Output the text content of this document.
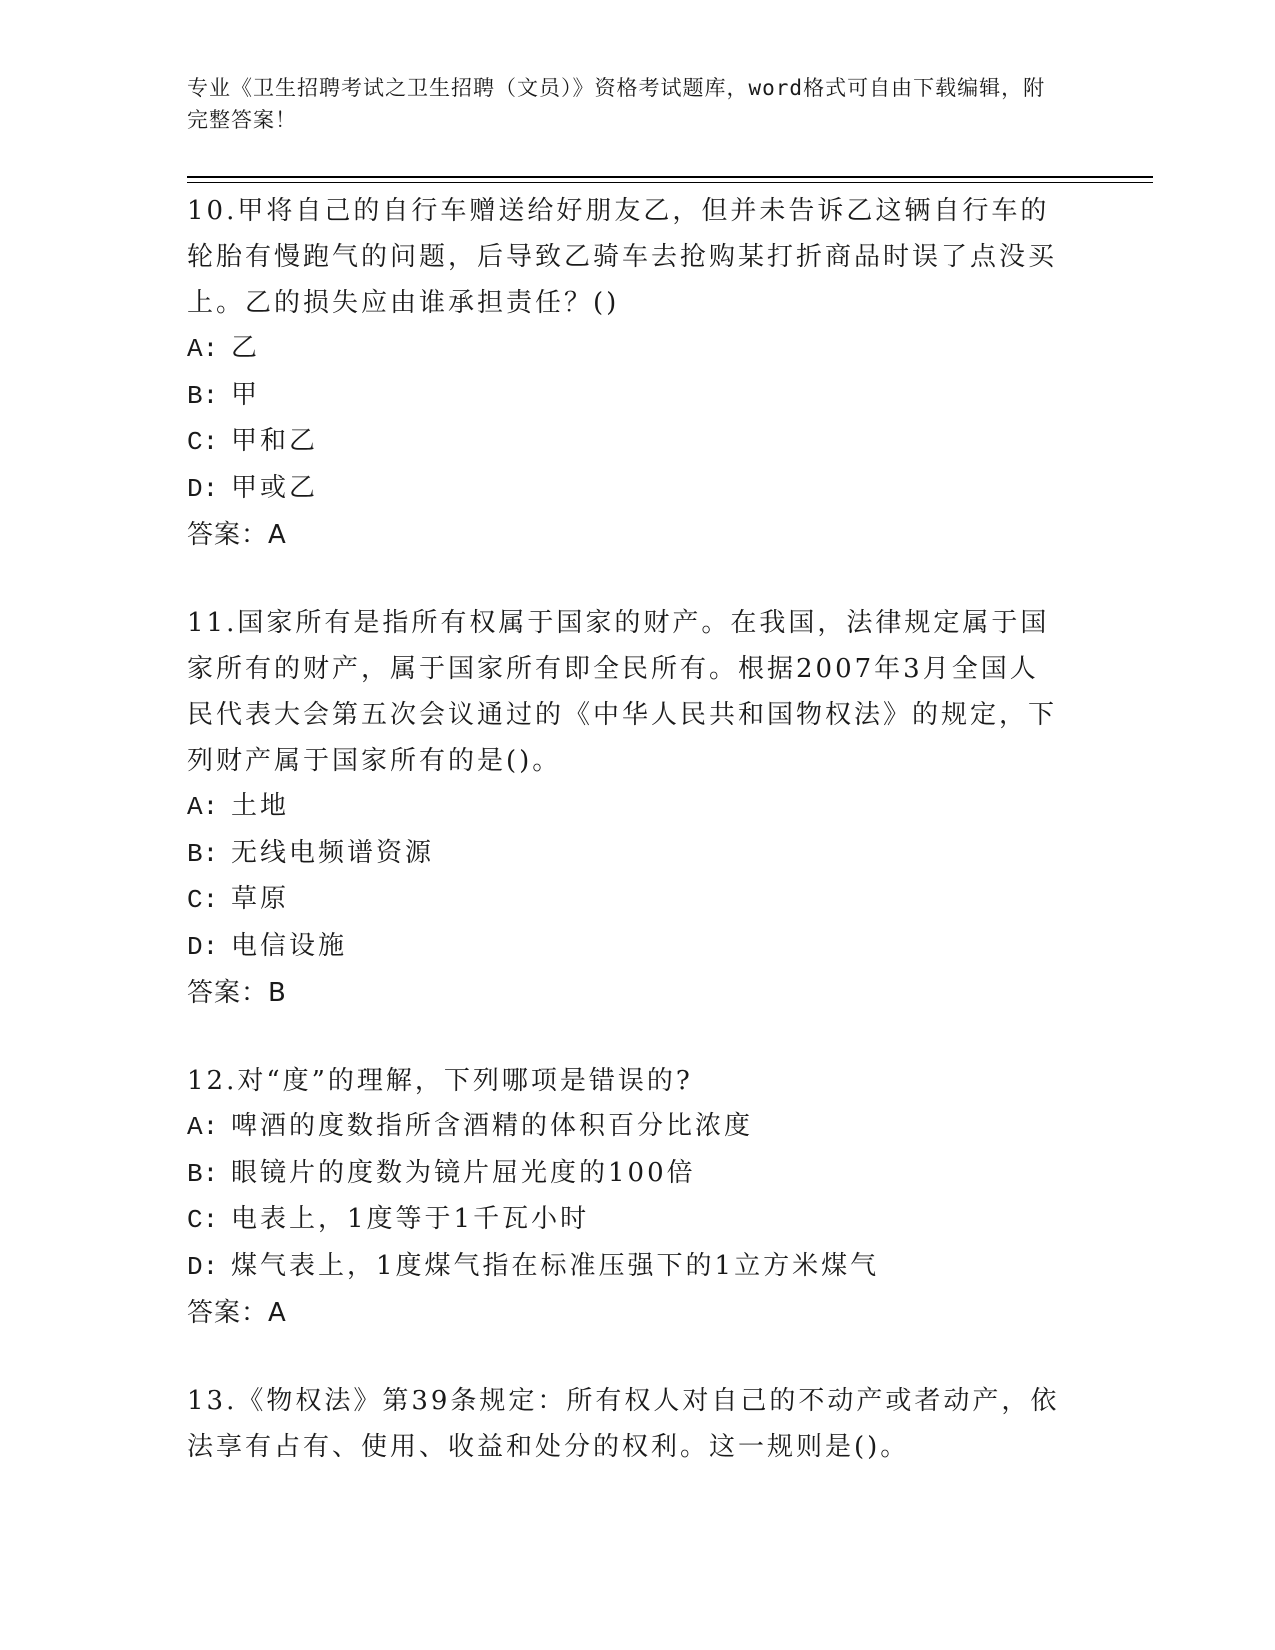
专业《卫生招聘考试之卫生招聘（文员）》资格考试题库，word格式可自由下载编辑，附完整答案！

10.甲将自己的自行车赠送给好朋友乙，但并未告诉乙这辆自行车的轮胎有慢跑气的问题，后导致乙骑车去抢购某打折商品时误了点没买上。乙的损失应由谁承担责任？()

A: 乙

B: 甲

C: 甲和乙

D: 甲或乙

答案：A

11.国家所有是指所有权属于国家的财产。在我国，法律规定属于国家所有的财产，属于国家所有即全民所有。根据2007年3月全国人民代表大会第五次会议通过的《中华人民共和国物权法》的规定，下列财产属于国家所有的是()。

A: 土地

B: 无线电频谱资源

C: 草原

D: 电信设施

答案：B

12.对“度”的理解，下列哪项是错误的?

A: 啤酒的度数指所含酒精的体积百分比浓度

B: 眼镜片的度数为镜片屈光度的100倍

C: 电表上，1度等于1千瓦小时

D: 煤气表上，1度煤气指在标准压强下的1立方米煤气

答案：A

13.《物权法》第39条规定：所有权人对自己的不动产或者动产，依法享有占有、使用、收益和处分的权利。这一规则是()。
